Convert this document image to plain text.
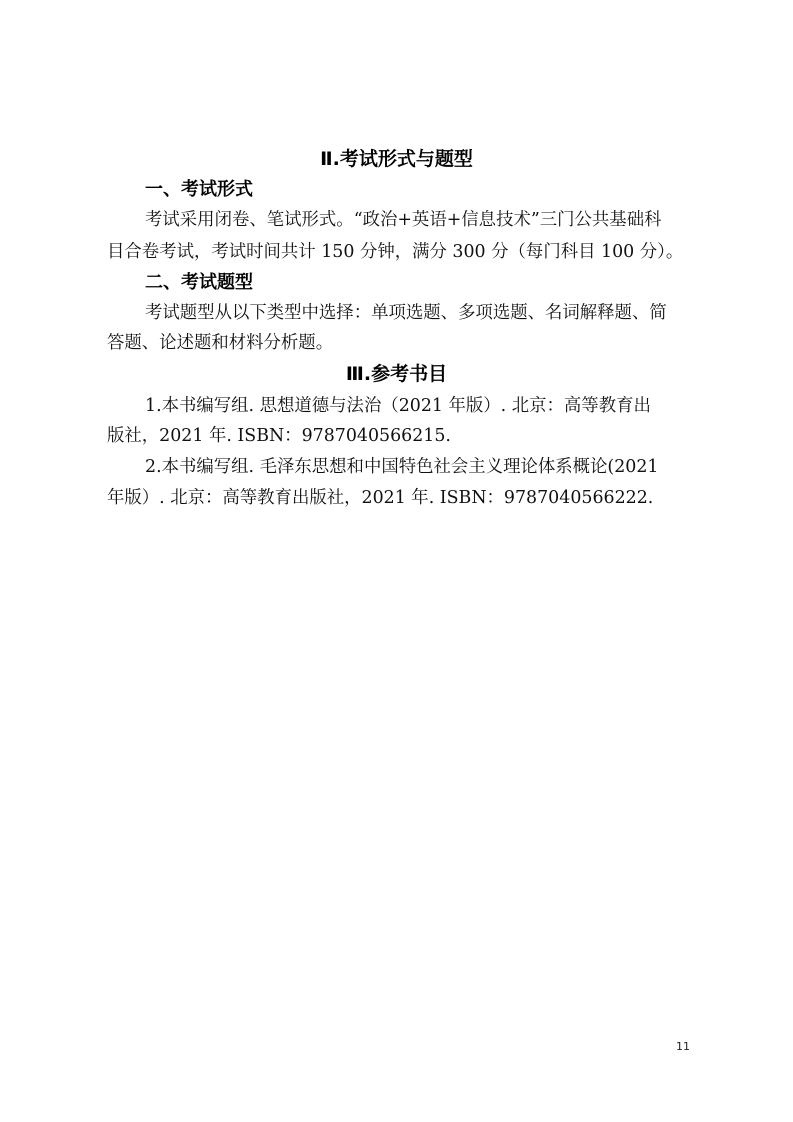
Ⅱ.考试形式与题型
一、考试形式
考试采用闭卷、笔试形式。“政治+英语+信息技术”三门公共基础科
目合卷考试，考试时间共计 150 分钟，满分 300 分（每门科目 100 分）。
二、考试题型
考试题型从以下类型中选择：单项选题、多项选题、名词解释题、简
答题、论述题和材料分析题。
Ⅲ.参考书目
1.本书编写组. 思想道德与法治（2021 年版）. 北京：高等教育出
版社，2021 年. ISBN：9787040566215.
2.本书编写组. 毛泽东思想和中国特色社会主义理论体系概论(2021
年版）. 北京：高等教育出版社，2021 年. ISBN：9787040566222.
11
